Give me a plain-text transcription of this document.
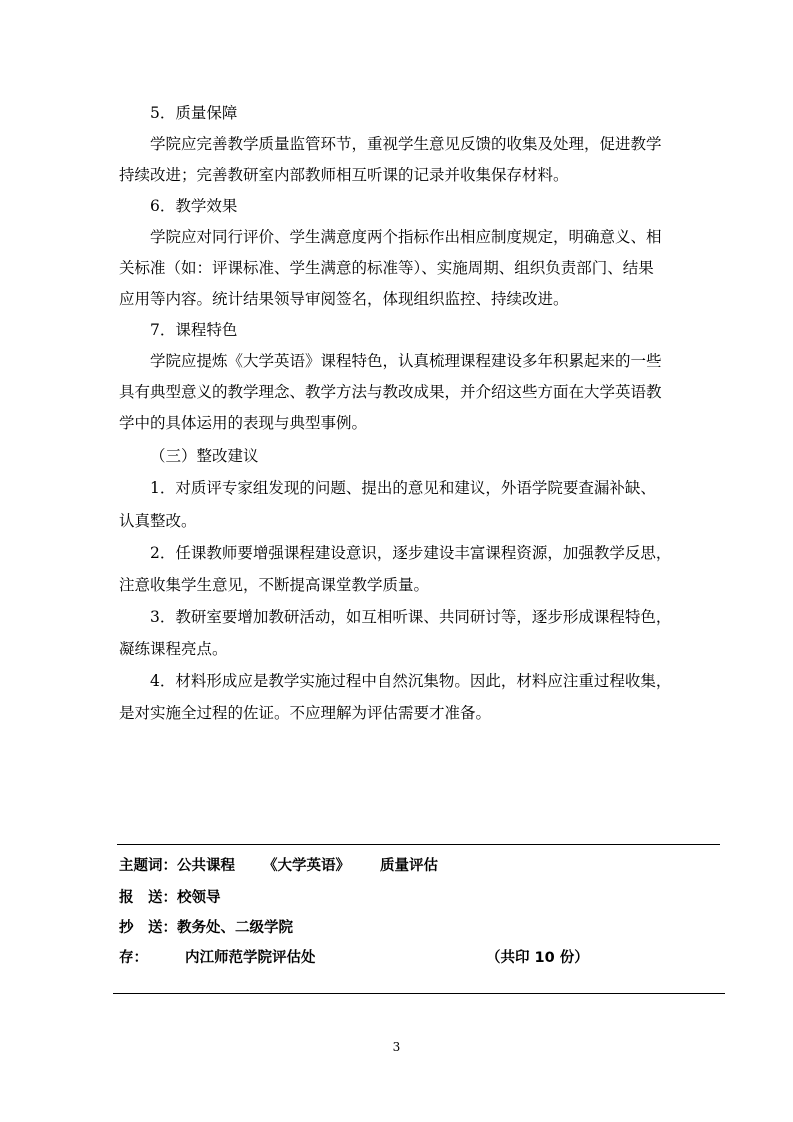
5．质量保障
学院应完善教学质量监管环节，重视学生意见反馈的收集及处理，促进教学
持续改进；完善教研室内部教师相互听课的记录并收集保存材料。
6．教学效果
学院应对同行评价、学生满意度两个指标作出相应制度规定，明确意义、相
关标准（如：评课标准、学生满意的标准等）、实施周期、组织负责部门、结果
应用等内容。统计结果领导审阅签名，体现组织监控、持续改进。
7．课程特色
学院应提炼《大学英语》课程特色，认真梳理课程建设多年积累起来的一些
具有典型意义的教学理念、教学方法与教改成果，并介绍这些方面在大学英语教
学中的具体运用的表现与典型事例。
（三）整改建议
1．对质评专家组发现的问题、提出的意见和建议，外语学院要查漏补缺、
认真整改。
2．任课教师要增强课程建设意识，逐步建设丰富课程资源，加强教学反思，
注意收集学生意见，不断提高课堂教学质量。
3．教研室要增加教研活动，如互相听课、共同研讨等，逐步形成课程特色，
凝练课程亮点。
4．材料形成应是教学实施过程中自然沉集物。因此，材料应注重过程收集，
是对实施全过程的佐证。不应理解为评估需要才准备。
主题词：公共课程 《大学英语》 质量评估
报　送：校领导
抄　送：教务处、二级学院
存：	内江师范学院评估处	（共印 10 份）
3
